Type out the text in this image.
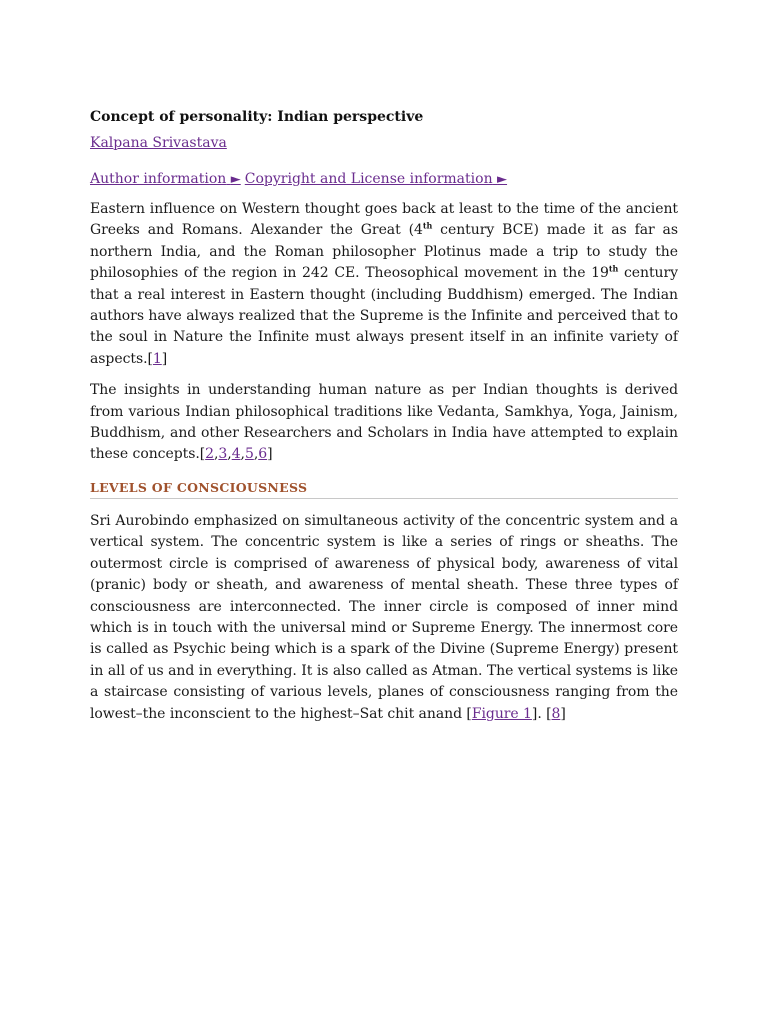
Concept of personality: Indian perspective
Kalpana Srivastava
Author information ► Copyright and License information ►

Eastern influence on Western thought goes back at least to the time of the ancient Greeks and Romans. Alexander the Great (4th century BCE) made it as far as northern India, and the Roman philosopher Plotinus made a trip to study the philosophies of the region in 242 CE. Theosophical movement in the 19th century that a real interest in Eastern thought (including Buddhism) emerged. The Indian authors have always realized that the Supreme is the Infinite and perceived that to the soul in Nature the Infinite must always present itself in an infinite variety of aspects.[1]

The insights in understanding human nature as per Indian thoughts is derived from various Indian philosophical traditions like Vedanta, Samkhya, Yoga, Jainism, Buddhism, and other Researchers and Scholars in India have attempted to explain these concepts.[2,3,4,5,6]

LEVELS OF CONSCIOUSNESS

Sri Aurobindo emphasized on simultaneous activity of the concentric system and a vertical system. The concentric system is like a series of rings or sheaths. The outermost circle is comprised of awareness of physical body, awareness of vital (pranic) body or sheath, and awareness of mental sheath. These three types of consciousness are interconnected. The inner circle is composed of inner mind which is in touch with the universal mind or Supreme Energy. The innermost core is called as Psychic being which is a spark of the Divine (Supreme Energy) present in all of us and in everything. It is also called as Atman. The vertical systems is like a staircase consisting of various levels, planes of consciousness ranging from the lowest–the inconscient to the highest–Sat chit anand [Figure 1]. [8]
